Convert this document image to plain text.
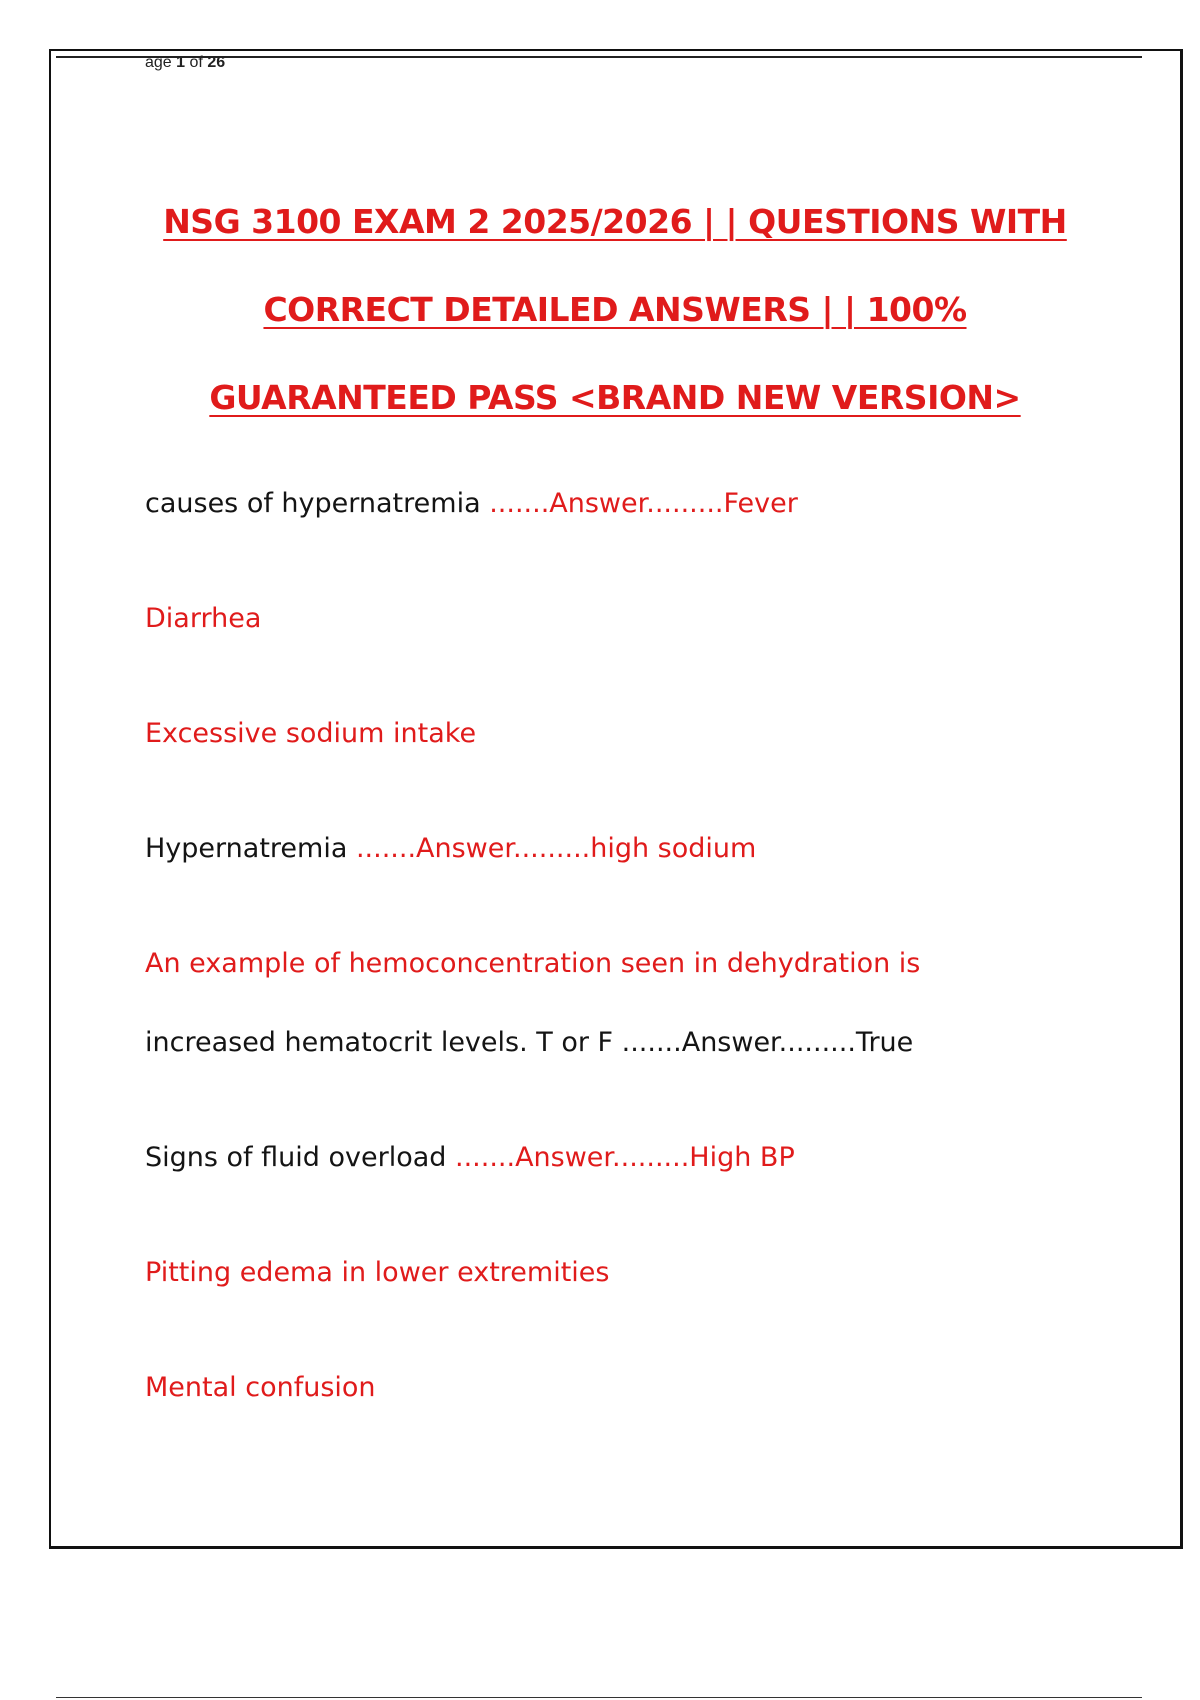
age 1 of 26
NSG 3100 EXAM 2 2025/2026 | | QUESTIONS WITH
CORRECT DETAILED ANSWERS | | 100%
GUARANTEED PASS <BRAND NEW VERSION>
causes of hypernatremia .......Answer.........Fever
Diarrhea
Excessive sodium intake
Hypernatremia .......Answer.........high sodium
An example of hemoconcentration seen in dehydration is
increased hematocrit levels. T or F .......Answer.........True
Signs of fluid overload .......Answer.........High BP
Pitting edema in lower extremities
Mental confusion
